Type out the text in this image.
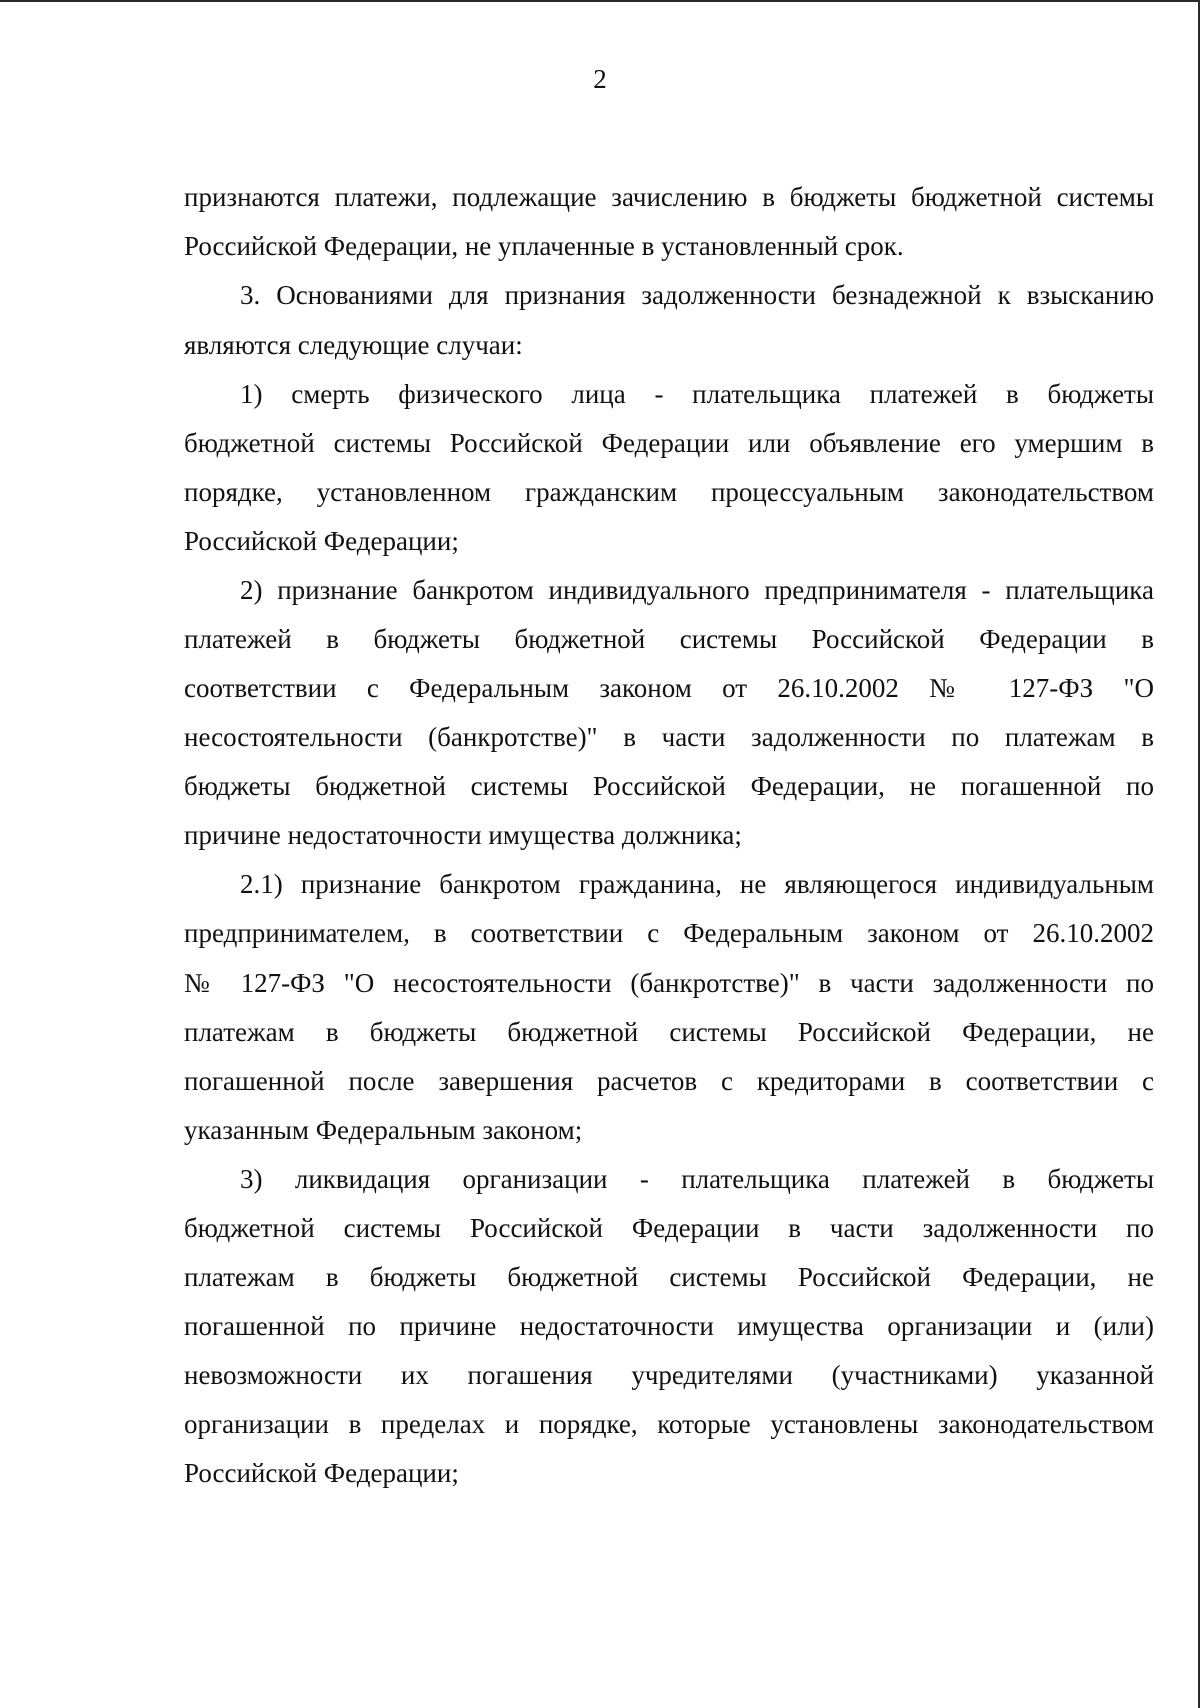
2
признаются платежи, подлежащие зачислению в бюджеты бюджетной системы
Российской Федерации, не уплаченные в установленный срок.
3. Основаниями для признания задолженности безнадежной к взысканию
являются следующие случаи:
1) смерть физического лица - плательщика платежей в бюджеты
бюджетной системы Российской Федерации или объявление его умершим в
порядке, установленном гражданским процессуальным законодательством
Российской Федерации;
2) признание банкротом индивидуального предпринимателя - плательщика
платежей в бюджеты бюджетной системы Российской Федерации в
соответствии с Федеральным законом от 26.10.2002 № 127-ФЗ "О
несостоятельности (банкротстве)" в части задолженности по платежам в
бюджеты бюджетной системы Российской Федерации, не погашенной по
причине недостаточности имущества должника;
2.1) признание банкротом гражданина, не являющегося индивидуальным
предпринимателем, в соответствии с Федеральным законом от 26.10.2002
№ 127-ФЗ "О несостоятельности (банкротстве)" в части задолженности по
платежам в бюджеты бюджетной системы Российской Федерации, не
погашенной после завершения расчетов с кредиторами в соответствии с
указанным Федеральным законом;
3) ликвидация организации - плательщика платежей в бюджеты
бюджетной системы Российской Федерации в части задолженности по
платежам в бюджеты бюджетной системы Российской Федерации, не
погашенной по причине недостаточности имущества организации и (или)
невозможности их погашения учредителями (участниками) указанной
организации в пределах и порядке, которые установлены законодательством
Российской Федерации;
